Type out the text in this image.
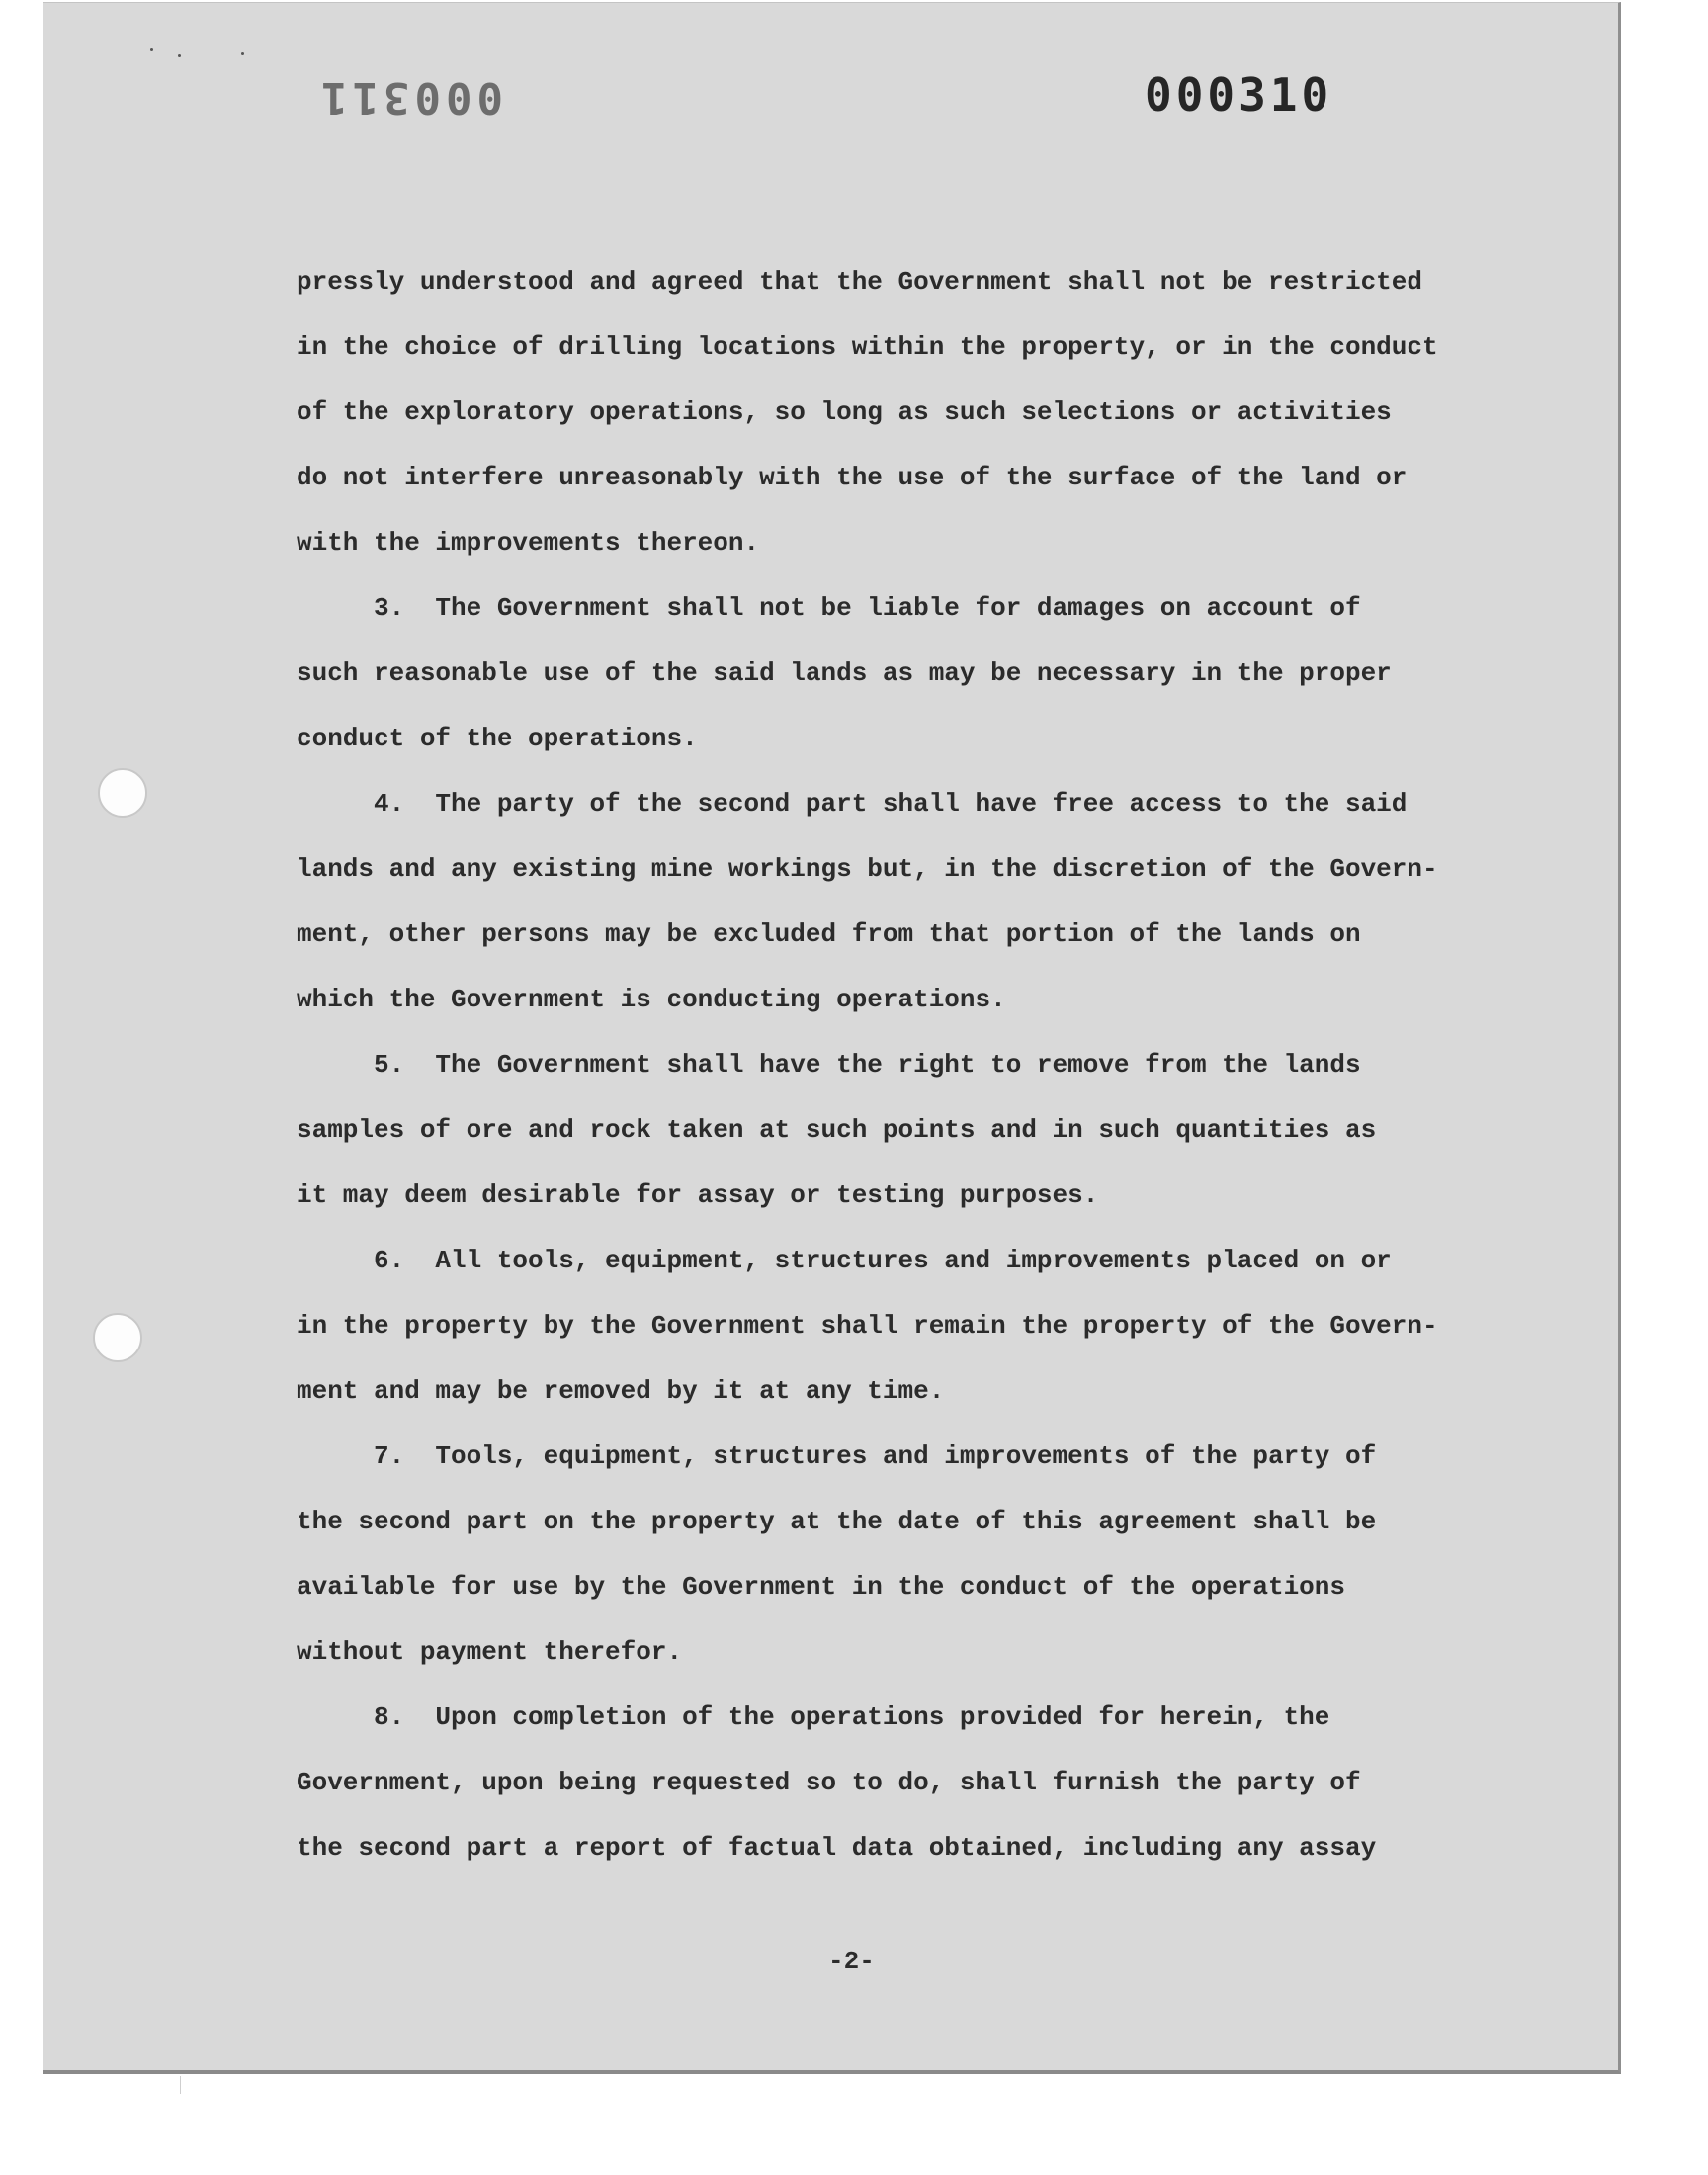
000311	000310
pressly understood and agreed that the Government shall not be restricted
in the choice of drilling locations within the property, or in the conduct
of the exploratory operations, so long as such selections or activities
do not interfere unreasonably with the use of the surface of the land or
with the improvements thereon.
3.  The Government shall not be liable for damages on account of
such reasonable use of the said lands as may be necessary in the proper
conduct of the operations.
4.  The party of the second part shall have free access to the said
lands and any existing mine workings but, in the discretion of the Govern-
ment, other persons may be excluded from that portion of the lands on
which the Government is conducting operations.
5.  The Government shall have the right to remove from the lands
samples of ore and rock taken at such points and in such quantities as
it may deem desirable for assay or testing purposes.
6.  All tools, equipment, structures and improvements placed on or
in the property by the Government shall remain the property of the Govern-
ment and may be removed by it at any time.
7.  Tools, equipment, structures and improvements of the party of
the second part on the property at the date of this agreement shall be
available for use by the Government in the conduct of the operations
without payment therefor.
8.  Upon completion of the operations provided for herein, the
Government, upon being requested so to do, shall furnish the party of
the second part a report of factual data obtained, including any assay
-2-
